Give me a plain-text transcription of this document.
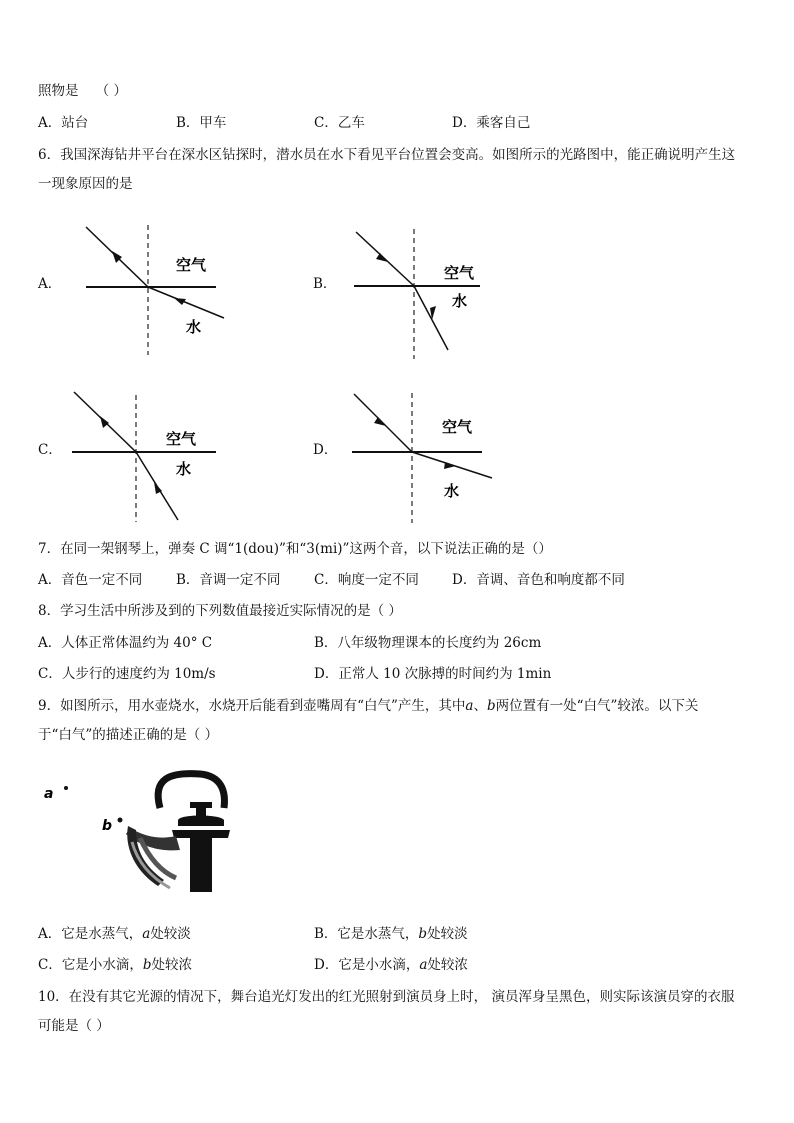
照物是 （ ）
A．站台	B．甲车	C．乙车	D．乘客自己
6．我国深海钻井平台在深水区钻探时，潜水员在水下看见平台位置会变高。如图所示的光路图中，能正确说明产生这
一现象原因的是
A．	B．
C．	D．
空气
水
空气
水
空气
水
空气
水
7．在同一架钢琴上，弹奏 C 调“1(dou)”和“3(mi)”这两个音，以下说法正确的是（）
A．音色一定不同	B．音调一定不同 C．响度一定不同 D．音调、音色和响度都不同
8．学习生活中所涉及到的下列数值最接近实际情况的是（ ）
A．人体正常体温约为 40° C	B．八年级物理课本的长度约为 26cm
C．人步行的速度约为 10m/s	D．正常人 10 次脉搏的时间约为 1min
9．如图所示，用水壶烧水，水烧开后能看到壶嘴周有“白气”产生，其中a、b两位置有一处“白气”较浓。以下关
于“白气”的描述正确的是（ ）
a
b
A．它是水蒸气，a处较淡	B．它是水蒸气，b处较淡
C．它是小水滴，b处较浓	D．它是小水滴，a处较浓
10．在没有其它光源的情况下，舞台追光灯发出的红光照射到演员身上时， 演员浑身呈黑色，则实际该演员穿的衣服
可能是（ ）
